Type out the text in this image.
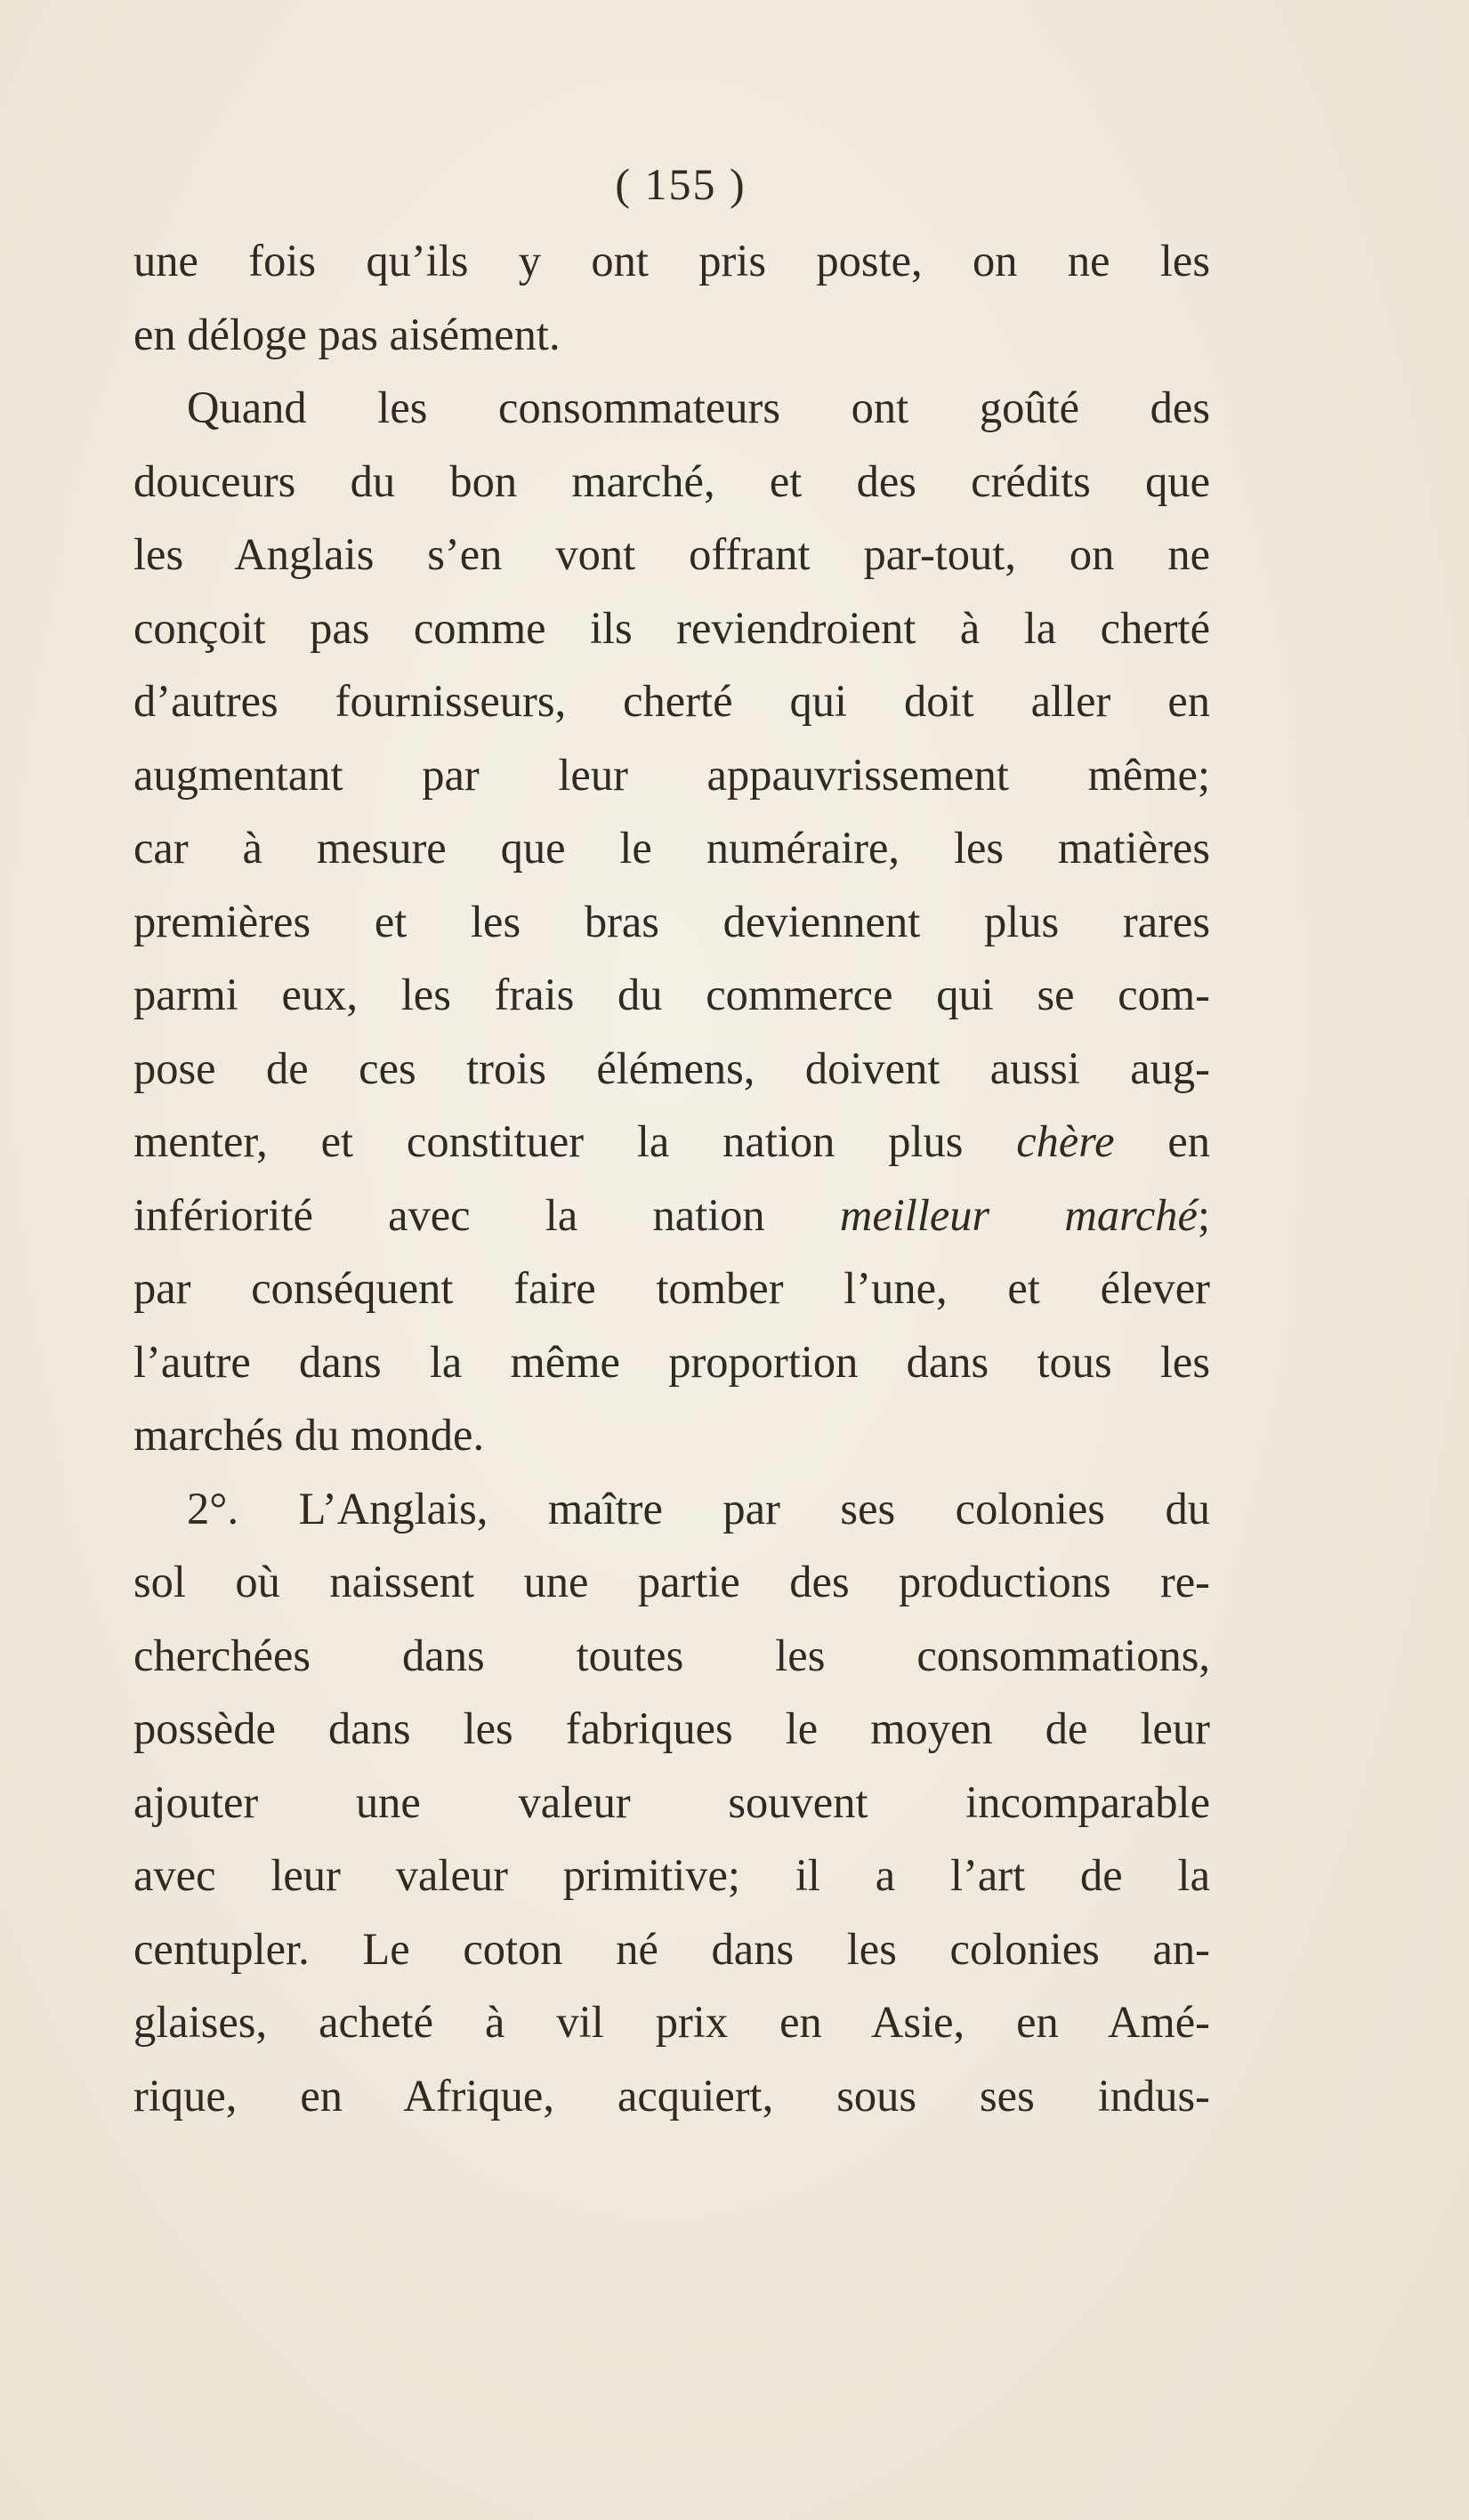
( 155 )
une fois qu’ils y ont pris poste, on ne les
en déloge pas aisément.
Quand les consommateurs ont goûté des
douceurs du bon marché, et des crédits que
les Anglais s’en vont offrant par-tout, on ne
conçoit pas comme ils reviendroient à la cherté
d’autres fournisseurs, cherté qui doit aller en
augmentant par leur appauvrissement même;
car à mesure que le numéraire, les matières
premières et les bras deviennent plus rares
parmi eux, les frais du commerce qui se com-
pose de ces trois élémens, doivent aussi aug-
menter, et constituer la nation plus chère en
infériorité avec la nation meilleur marché;
par conséquent faire tomber l’une, et élever
l’autre dans la même proportion dans tous les
marchés du monde.
2°. L’Anglais, maître par ses colonies du
sol où naissent une partie des productions re-
cherchées dans toutes les consommations,
possède dans les fabriques le moyen de leur
ajouter une valeur souvent incomparable
avec leur valeur primitive; il a l’art de la
centupler. Le coton né dans les colonies an-
glaises, acheté à vil prix en Asie, en Amé-
rique, en Afrique, acquiert, sous ses indus-
